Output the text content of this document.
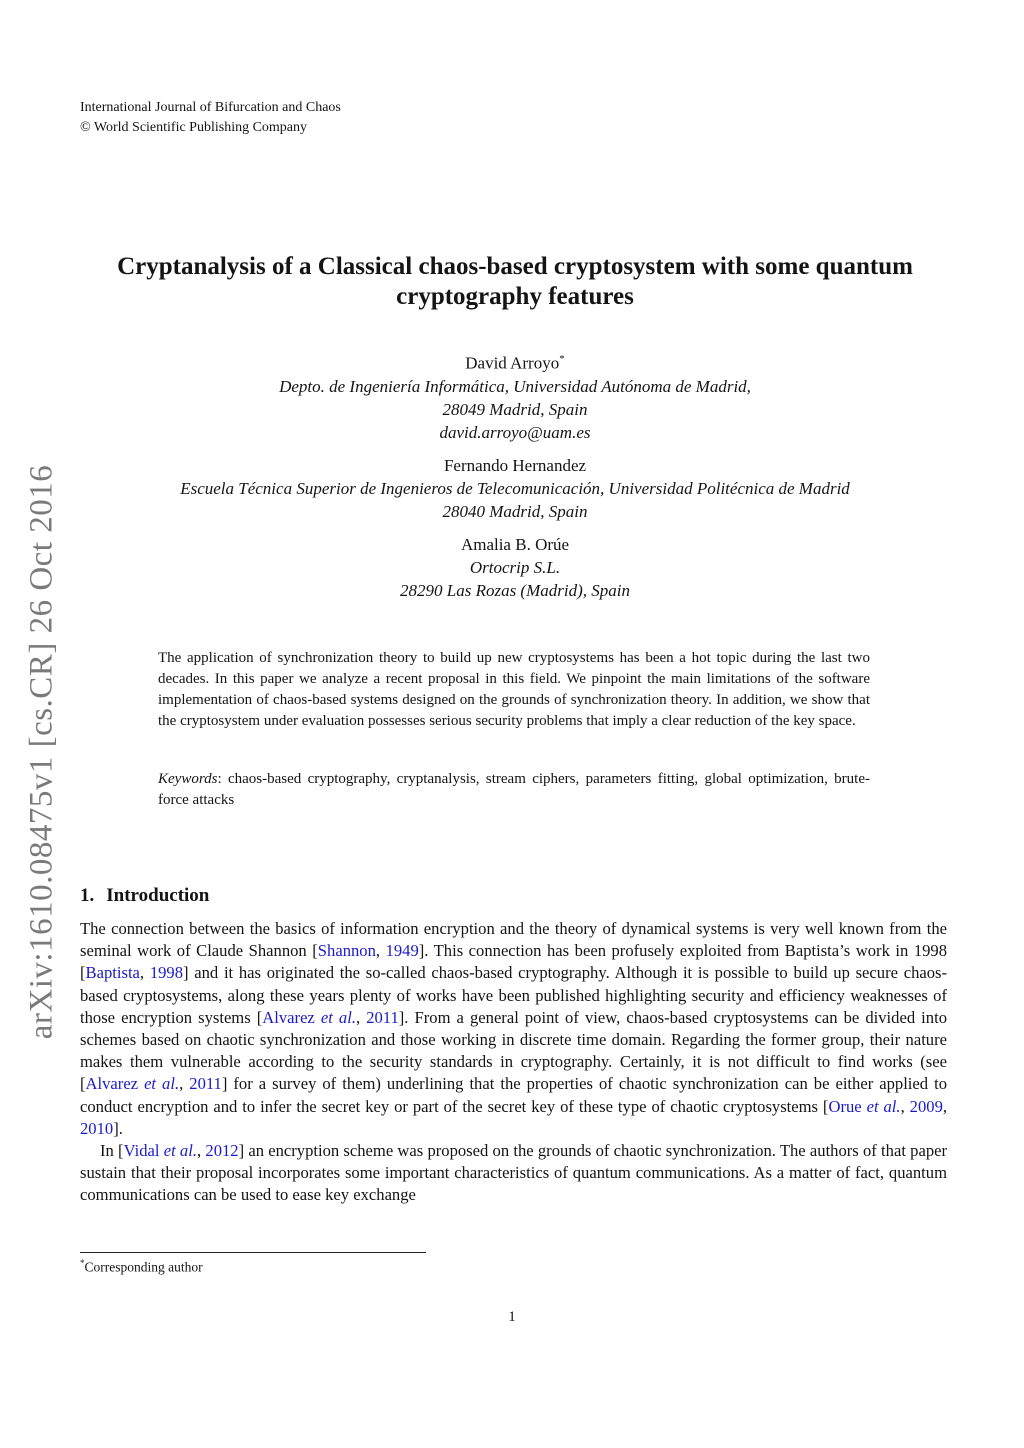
arXiv:1610.08475v1 [cs.CR] 26 Oct 2016
International Journal of Bifurcation and Chaos
© World Scientific Publishing Company
Cryptanalysis of a Classical chaos-based cryptosystem with some quantum cryptography features
David Arroyo*
Depto. de Ingeniería Informática, Universidad Autónoma de Madrid,
28049 Madrid, Spain
david.arroyo@uam.es
Fernando Hernandez
Escuela Técnica Superior de Ingenieros de Telecomunicación, Universidad Politécnica de Madrid
28040 Madrid, Spain
Amalia B. Orúe
Ortocrip S.L.
28290 Las Rozas (Madrid), Spain
The application of synchronization theory to build up new cryptosystems has been a hot topic during the last two decades. In this paper we analyze a recent proposal in this field. We pinpoint the main limitations of the software implementation of chaos-based systems designed on the grounds of synchronization theory. In addition, we show that the cryptosystem under evaluation possesses serious security problems that imply a clear reduction of the key space.
Keywords: chaos-based cryptography, cryptanalysis, stream ciphers, parameters fitting, global optimization, brute-force attacks
1. Introduction

The connection between the basics of information encryption and the theory of dynamical systems is very well known from the seminal work of Claude Shannon [Shannon, 1949]. This connection has been profusely exploited from Baptista’s work in 1998 [Baptista, 1998] and it has originated the so-called chaos-based cryptography. Although it is possible to build up secure chaos-based cryptosystems, along these years plenty of works have been published highlighting security and efficiency weaknesses of those encryption systems [Alvarez et al., 2011]. From a general point of view, chaos-based cryptosystems can be divided into schemes based on chaotic synchronization and those working in discrete time domain. Regarding the former group, their nature makes them vulnerable according to the security standards in cryptography. Certainly, it is not difficult to find works (see [Alvarez et al., 2011] for a survey of them) underlining that the properties of chaotic synchronization can be either applied to conduct encryption and to infer the secret key or part of the secret key of these type of chaotic cryptosystems [Orue et al., 2009, 2010].

In [Vidal et al., 2012] an encryption scheme was proposed on the grounds of chaotic synchronization. The authors of that paper sustain that their proposal incorporates some important characteristics of quantum communications. As a matter of fact, quantum communications can be used to ease key exchange

*Corresponding author
1
